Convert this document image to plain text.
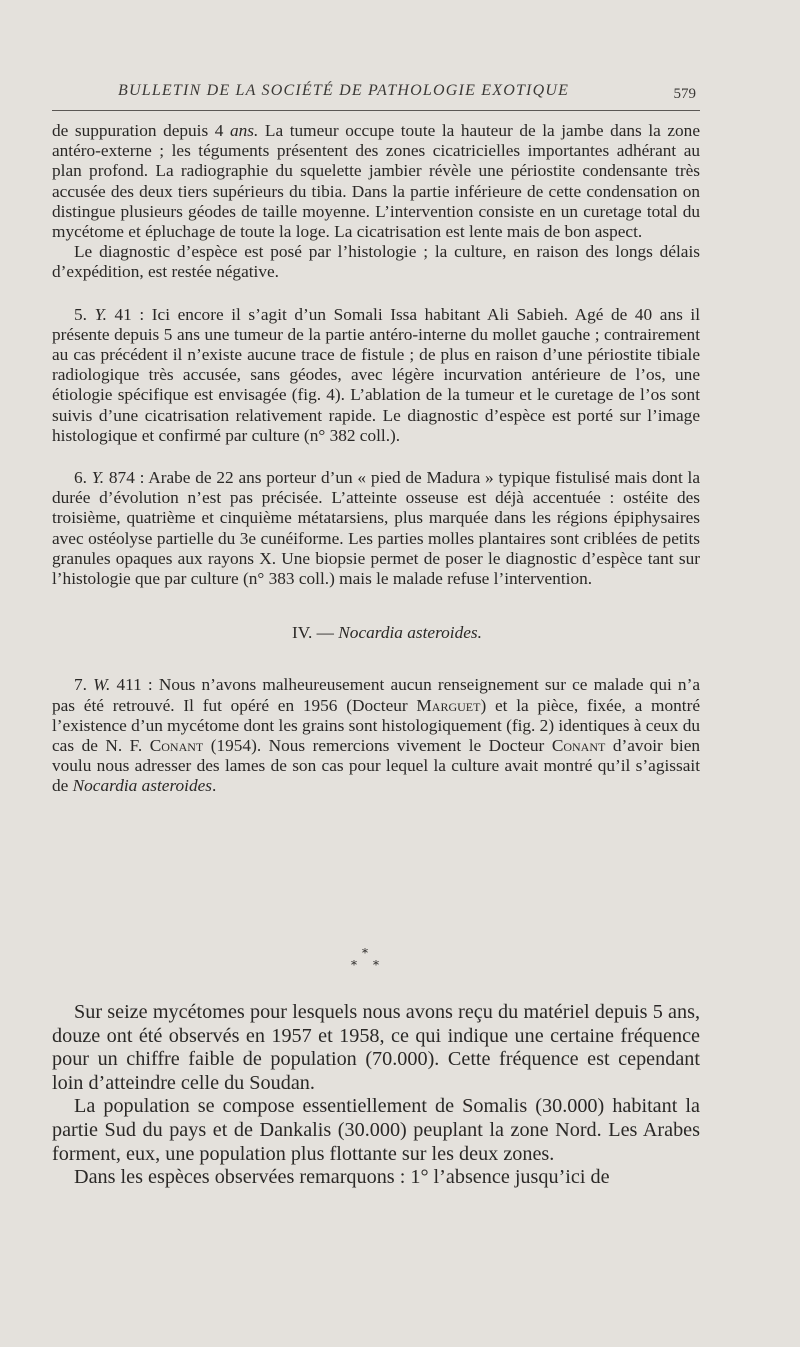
BULLETIN DE LA SOCIÉTÉ DE PATHOLOGIE EXOTIQUE	579

de suppuration depuis 4 ans. La tumeur occupe toute la hauteur de la jambe dans la zone antéro-externe ; les téguments présentent des zones cicatricielles importantes adhérant au plan profond. La radiographie du squelette jambier révèle une périostite condensante très accusée des deux tiers supérieurs du tibia. Dans la partie inférieure de cette condensation on distingue plusieurs géodes de taille moyenne. L’intervention consiste en un curetage total du mycétome et épluchage de toute la loge. La cicatrisation est lente mais de bon aspect.

Le diagnostic d’espèce est posé par l’histologie ; la culture, en raison des longs délais d’expédition, est restée négative.

5. Y. 41 : Ici encore il s’agit d’un Somali Issa habitant Ali Sabieh. Agé de 40 ans il présente depuis 5 ans une tumeur de la partie antéro-interne du mollet gauche ; contrairement au cas précédent il n’existe aucune trace de fistule ; de plus en raison d’une périostite tibiale radiologique très accusée, sans géodes, avec légère incurvation antérieure de l’os, une étiologie spécifique est envisagée (fig. 4). L’ablation de la tumeur et le curetage de l’os sont suivis d’une cicatrisation relativement rapide. Le diagnostic d’espèce est porté sur l’image histologique et confirmé par culture (n° 382 coll.).

6. Y. 874 : Arabe de 22 ans porteur d’un « pied de Madura » typique fistulisé mais dont la durée d’évolution n’est pas précisée. L’atteinte osseuse est déjà accentuée : ostéite des troisième, quatrième et cinquième métatarsiens, plus marquée dans les régions épiphysaires avec ostéolyse partielle du 3e cunéiforme. Les parties molles plantaires sont criblées de petits granules opaques aux rayons X. Une biopsie permet de poser le diagnostic d’espèce tant sur l’histologie que par culture (n° 383 coll.) mais le malade refuse l’intervention.

IV. — Nocardia asteroides.

7. W. 411 : Nous n’avons malheureusement aucun renseignement sur ce malade qui n’a pas été retrouvé. Il fut opéré en 1956 (Docteur Marguet) et la pièce, fixée, a montré l’existence d’un mycétome dont les grains sont histologiquement (fig. 2) identiques à ceux du cas de N. F. Conant (1954). Nous remercions vivement le Docteur Conant d’avoir bien voulu nous adresser des lames de son cas pour lequel la culture avait montré qu’il s’agissait de Nocardia asteroides.

*
* *

Sur seize mycétomes pour lesquels nous avons reçu du matériel depuis 5 ans, douze ont été observés en 1957 et 1958, ce qui indique une certaine fréquence pour un chiffre faible de population (70.000). Cette fréquence est cependant loin d’atteindre celle du Soudan.

La population se compose essentiellement de Somalis (30.000) habitant la partie Sud du pays et de Dankalis (30.000) peuplant la zone Nord. Les Arabes forment, eux, une population plus flottante sur les deux zones.

Dans les espèces observées remarquons : 1° l’absence jusqu’ici de
